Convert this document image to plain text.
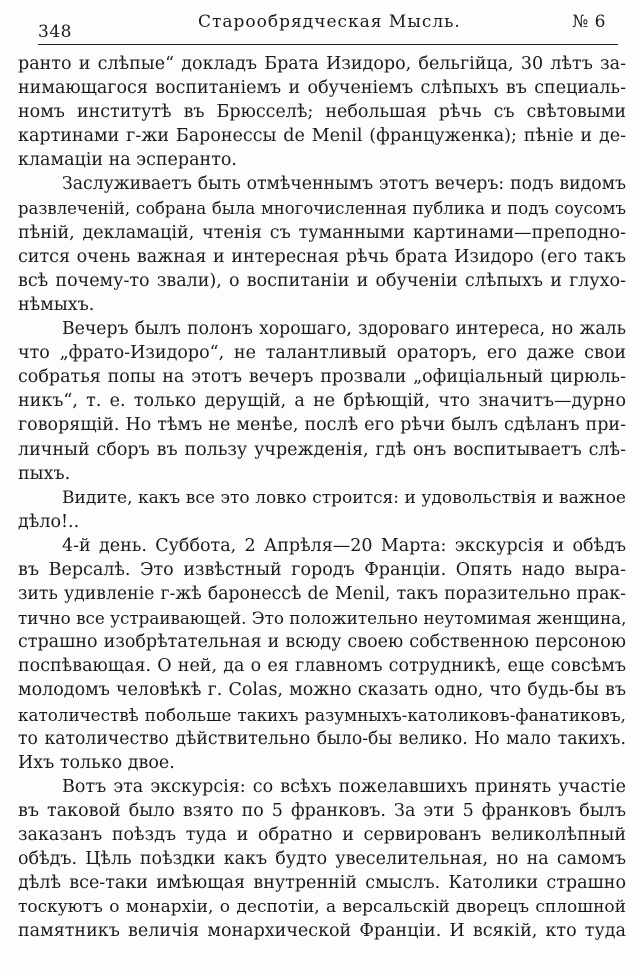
348	Старообрядческая Мысль.	№ 6
ранто и слѣпые“ докладъ Брата Изидоро, бельгійца, 30 лѣтъ за-
нимающагося воспитаніемъ и обученіемъ слѣпыхъ въ специаль-
номъ институтѣ въ Брюсселѣ; небольшая рѣчь съ свѣтовыми
картинами г-жи Баронессы de Menil (француженка); пѣніе и де-
кламаціи на эсперанто.
Заслуживаетъ быть отмѣченнымъ этотъ вечеръ: подъ видомъ
развлеченій, собрана была многочисленная публика и подъ соусомъ
пѣній, декламацій, чтенія съ туманными картинами—преподно-
сится очень важная и интересная рѣчь брата Изидоро (его такъ
всѣ почему-то звали), о воспитаніи и обученіи слѣпыхъ и глухо-
нѣмыхъ.
Вечеръ былъ полонъ хорошаго, здороваго интереса, но жаль
что „фрато-Изидоро“, не талантливый ораторъ, его даже свои
собратья попы на этотъ вечеръ прозвали „офиціальный цирюль-
никъ“, т. е. только дерущій, а не брѣющій, что значитъ—дурно
говорящій. Но тѣмъ не менѣе, послѣ его рѣчи былъ сдѣланъ при-
личный сборъ въ пользу учрежденія, гдѣ онъ воспитываетъ слѣ-
пыхъ.
Видите, какъ все это ловко строится: и удовольствія и важное
дѣло!..
4-й день. Суббота, 2 Апрѣля—20 Марта: экскурсія и обѣдъ
въ Версалѣ. Это извѣстный городъ Франціи. Опять надо выра-
зить удивленіе г-жѣ баронессѣ de Menil, такъ поразительно прак-
тично все устраивающей. Это положительно неутомимая женщина,
страшно изобрѣтательная и всюду своею собственною персоною
поспѣвающая. О ней, да о ея главномъ сотрудникѣ, еще совсѣмъ
молодомъ человѣкѣ г. Colas, можно сказать одно, что будь-бы въ
католичествѣ побольше такихъ разумныхъ-католиковъ-фанатиковъ,
то католичество дѣйствительно было-бы велико. Но мало такихъ.
Ихъ только двое.
Вотъ эта экскурсія: со всѣхъ пожелавшихъ принять участіе
въ таковой было взято по 5 франковъ. За эти 5 франковъ былъ
заказанъ поѣздъ туда и обратно и сервированъ великолѣпный
обѣдъ. Цѣль поѣздки какъ будто увеселительная, но на самомъ
дѣлѣ все-таки имѣющая внутренній смыслъ. Католики страшно
тоскуютъ о монархіи, о деспотіи, а версальскій дворецъ сплошной
памятникъ величія монархической Франціи. И всякій, кто туда
